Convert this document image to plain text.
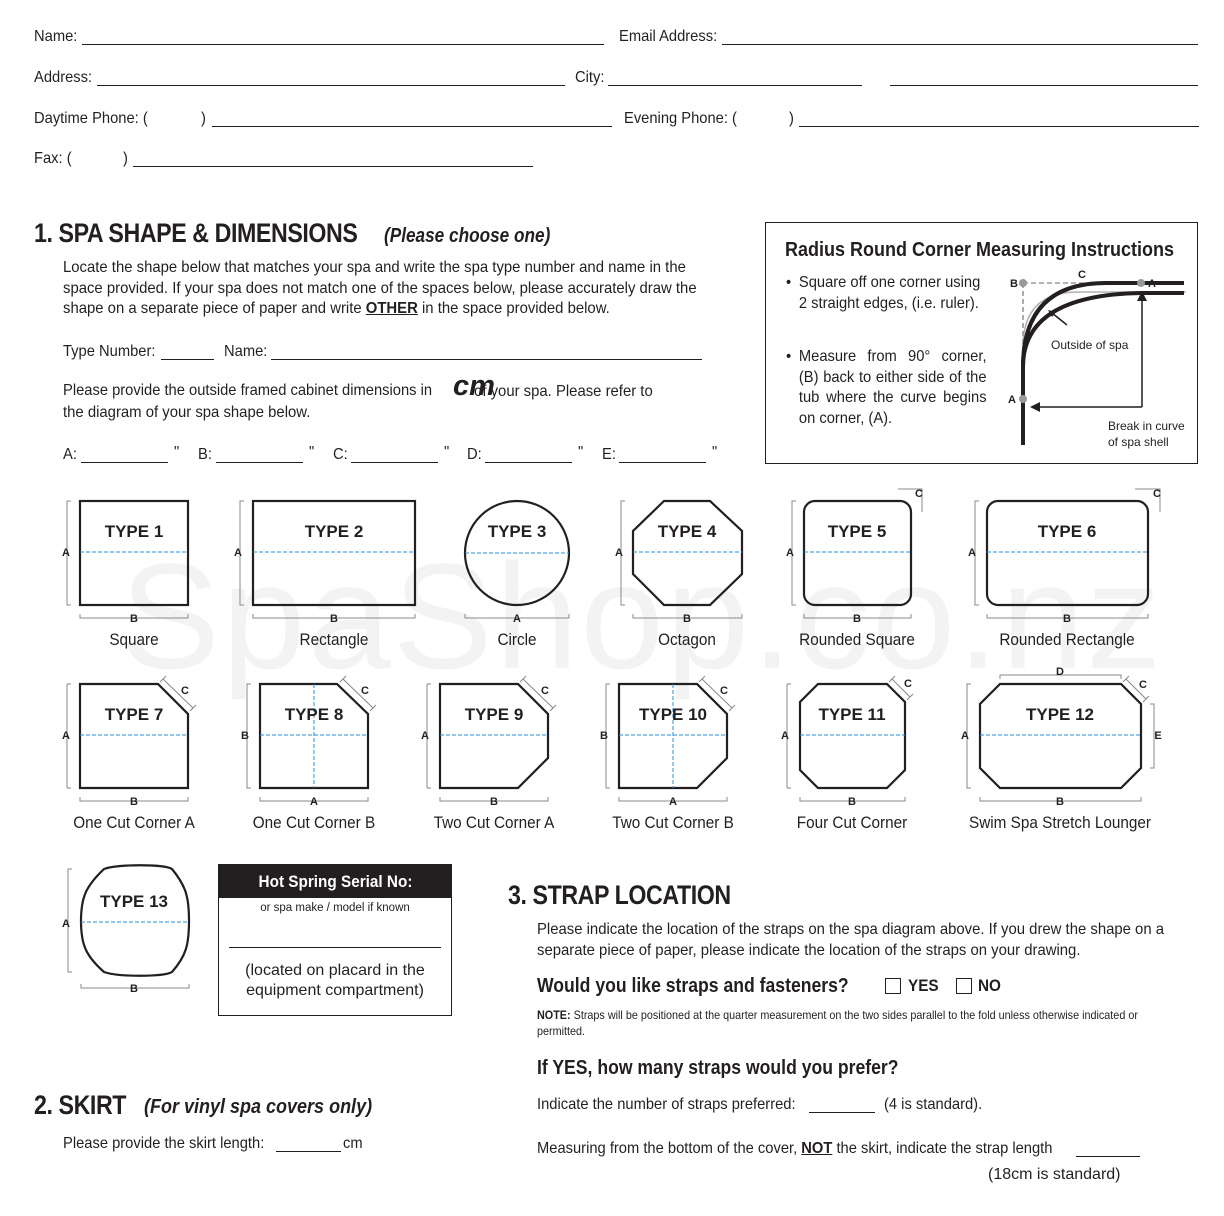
Name:	Email Address:
Address:	City:
Daytime Phone: (	)	Evening Phone: (	)
Fax: (	)
1. SPA SHAPE & DIMENSIONS (Please choose one)
Locate the shape below that matches your spa and write the spa type number and name in the space provided. If your spa does not match one of the spaces below, please accurately draw the shape on a separate piece of paper and write OTHER in the space provided below.
Type Number:	Name:
Please provide the outside framed cabinet dimensions in cm
of your spa. Please refer to the diagram of your spa shape below.
A:	" B:	" C:	" D:	" E:	"
Radius Round Corner Measuring Instructions
• Square off one corner using 2 straight edges, (i.e. ruler).
• Measure from 90° corner, (B) back to either side of the tub where the curve begins on corner, (A).
B
C
A
A
Outside of spa
Break in curve
of spa shell
TYPE 1
A
B
TYPE 2
A
B
TYPE 3
A
TYPE 4
A
B
TYPE 5
A
B
C
TYPE 6
A
B
C
TYPE 7
A
B
C
TYPE 8
B
A
C
TYPE 9
A
B
C
TYPE 10
B
A
C
TYPE 11
A
B
C
TYPE 12
A
B
C
D
E
TYPE 13
A
B
Square	Rectangle	Circle	Octagon	Rounded Square	Rounded Rectangle
One Cut Corner A	One Cut Corner B	Two Cut Corner A	Two Cut Corner B	Four Cut Corner	Swim Spa Stretch Lounger
Hot Spring Serial No:
or spa make / model if known
(located on placard in the equipment compartment)
2. SKIRT (For vinyl spa covers only)
Please provide the skirt length:	cm
3. STRAP LOCATION
Please indicate the location of the straps on the spa diagram above. If you drew the shape on a separate piece of paper, please indicate the location of the straps on your drawing.
Would you like straps and fasteners?	YES NO
NOTE: Straps will be positioned at the quarter measurement on the two sides parallel to the fold unless otherwise indicated or permitted.
If YES, how many straps would you prefer?
Indicate the number of straps preferred:	(4 is standard).
Measuring from the bottom of the cover, NOT the skirt, indicate the strap length
(18cm is standard)
